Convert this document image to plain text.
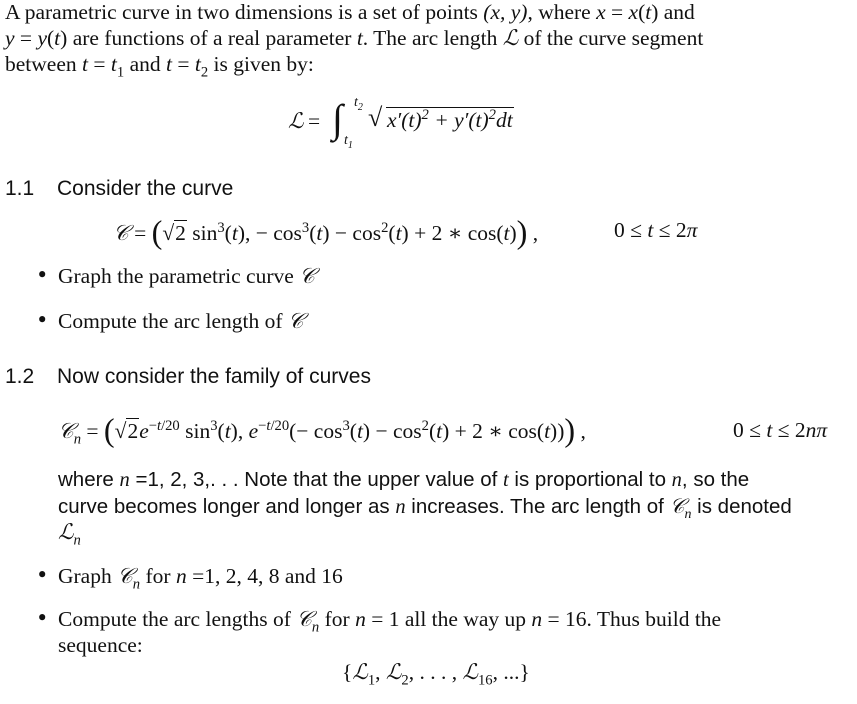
A parametric curve in two dimensions is a set of points (x, y), where x = x(t) and
y = y(t) are functions of a real parameter t. The arc length ℒ of the curve segment
between $t = t_1$ and $t = t_2$ is given by:
ℒ = ∫ $t_2$
$t_1$
√ $x'(t)^2 + y'(t)^2dt$
1.1 Consider the curve
𝒞 = (√2 $\sin^3(t)$, − $\cos^3(t) - \cos^2(t) + 2$ ∗ cos(t)) ,	0 ≤ t ≤ 2π
• Graph the parametric curve 𝒞
• Compute the arc length of 𝒞
1.2 Now consider the family of curves
𝒞$_n$ = ($√2e^{-t/20}$ $\sin^3(t)$, $e^{-t/20}(- \cos^3(t) - \cos^2(t) + 2$ ∗ cos(t))) ,	0 ≤ t ≤ 2nπ
where n =1, 2, 3,. . . Note that the upper value of t is proportional to n, so the
curve becomes longer and longer as n increases. The arc length of 𝒞$_n$ is denoted
ℒ$_n$
• Graph 𝒞$_n$ for n =1, 2, 4, 8 and 16
• Compute the arc lengths of 𝒞$_n$ for n = 1 all the way up n = 16. Thus build the
sequence:
{ℒ$_1$, ℒ$_2$, . . . , ℒ$_{16}$, ...}
